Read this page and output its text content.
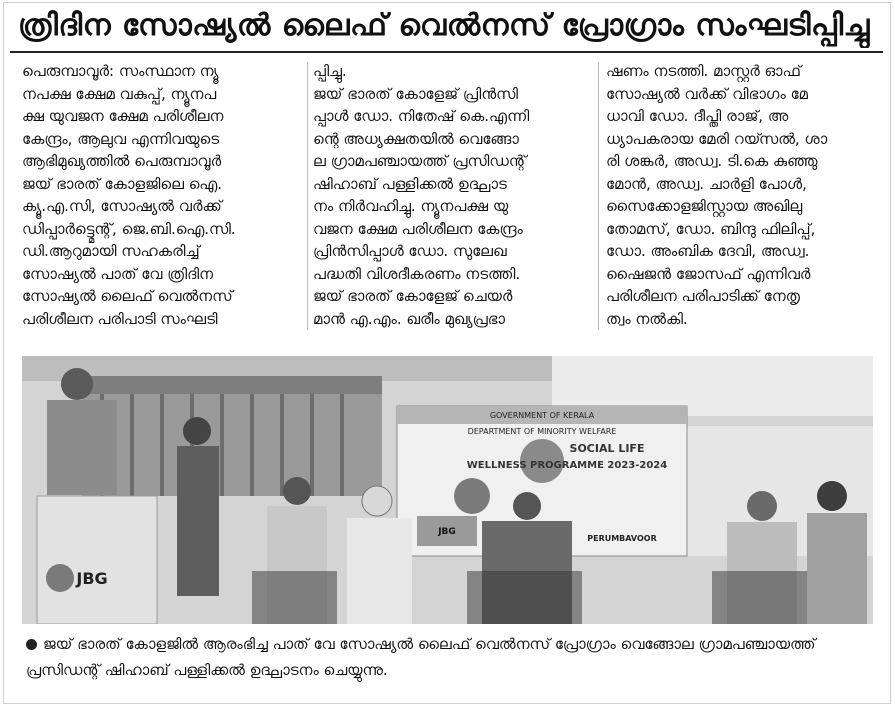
ത്രിദിന സോഷ്യൽ ലൈഫ് വെൽനസ് പ്രോഗ്രാം സംഘടിപ്പിച്ചു

പെരുമ്പാവൂർ: സംസ്ഥാന ന്യൂ

നപക്ഷ ക്ഷേമ വകുപ്പ്, ന്യൂനപ

ക്ഷ യുവജന ക്ഷേമ പരിശീലന

കേന്ദ്രം, ആലുവ എന്നിവയുടെ

ആഭിമുഖ്യത്തിൽ പെരുമ്പാവൂർ

ജയ് ഭാരത് കോളജിലെ ഐ.

ക്യൂ.എ.സി, സോഷ്യൽ വർക്ക്

ഡിപ്പാർട്ട്മെന്റ്, ജെ.ബി.ഐ.സി.

ഡി.ആറുമായി സഹകരിച്ച്

സോഷ്യൽ പാത് വേ ത്രിദിന

സോഷ്യൽ ലൈഫ് വെൽനസ്

പരിശീലന പരിപാടി സംഘടി

പ്പിച്ചു.

ജയ് ഭാരത് കോളേജ് പ്രിൻസി

പ്പാൾ ഡോ. നിതേഷ് കെ.എന്നി

ന്റെ അധ്യക്ഷതയിൽ വെങ്ങോ

ല ഗ്രാമപഞ്ചായത്ത് പ്രസിഡന്റ്

ഷിഹാബ് പള്ളിക്കൽ ഉദ്ഘാട

നം നിർവഹിച്ചു. ന്യൂനപക്ഷ യു

വജന ക്ഷേമ പരിശീലന കേന്ദ്രം

പ്രിൻസിപ്പാൾ ഡോ. സുലേഖ

പദ്ധതി വിശദീകരണം നടത്തി.

ജയ് ഭാരത് കോളേജ് ചെയർ

മാൻ എ.എം. ഖരീം മുഖ്യപ്രഭാ

ഷണം നടത്തി. മാസ്റ്റർ ഓഫ്

സോഷ്യൽ വർക്ക് വിഭാഗം മേ

ധാവി ഡോ. ദീപ്തി രാജ്, അ

ധ്യാപകരായ മേരി റയ്സൽ, ശാ

രി ശങ്കർ, അഡ്വ. ടി.കെ കുഞ്ഞു

മോൻ, അഡ്വ. ചാർളി പോൾ,

സൈക്കോളജിസ്റ്റായ അഖിലു

തോമസ്, ഡോ. ബിന്ദു ഫിലിപ്പ്,

ഡോ. അംബിക ദേവി, അഡ്വ.

ഷൈജൻ ജോസഫ് എന്നിവർ

പരിശീലന പരിപാടിക്ക് നേതൃ

ത്വം നൽകി.

GOVERNMENT OF KERALA
DEPARTMENT OF MINORITY WELFARE
SOCIAL LIFE
WELLNESS PROGRAMME 2023-2024
JBG
PERUMBAVOOR
JBG
ജയ് ഭാരത് കോളജിൽ ആരംഭിച്ച പാത് വേ സോഷ്യൽ ലൈഫ് വെൽനസ് പ്രോഗ്രാം വെങ്ങോല ഗ്രാമപഞ്ചായത്ത് പ്രസിഡന്റ് ഷിഹാബ് പള്ളിക്കൽ ഉദ്ഘാടനം ചെയ്യുന്നു.
